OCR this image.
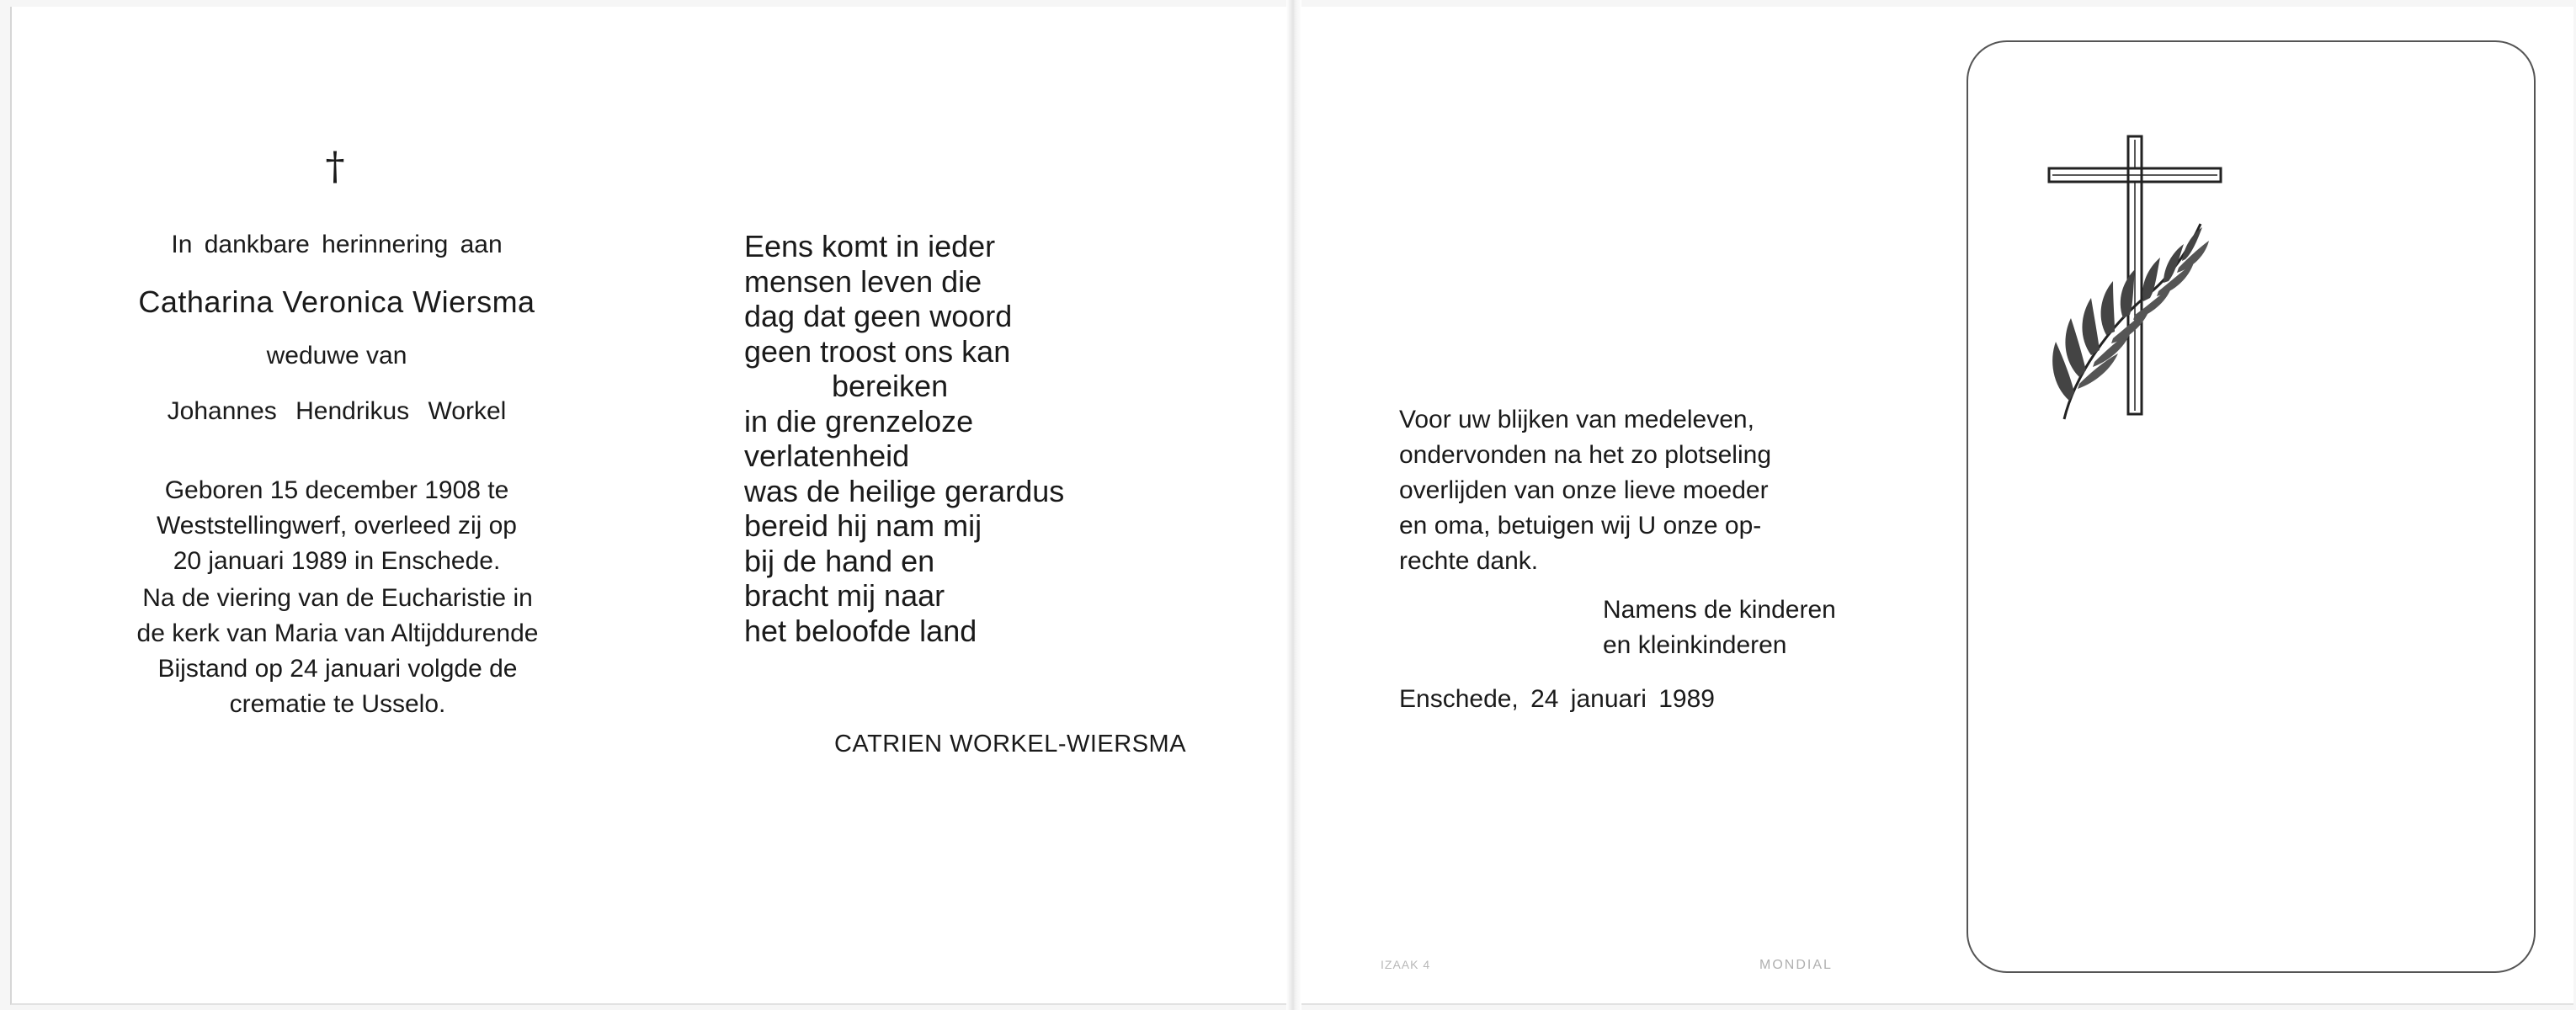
†
In dankbare herinnering aan
Catharina Veronica Wiersma
weduwe van
Johannes Hendrikus Workel
Geboren 15 december 1908 te
Weststellingwerf, overleed zij op
20 januari 1989 in Enschede.
Na de viering van de Eucharistie in
de kerk van Maria van Altijddurende
Bijstand op 24 januari volgde de
crematie te Usselo.
Eens komt in ieder
mensen leven die
dag dat geen woord
geen troost ons kan
bereiken
in die grenzeloze
verlatenheid
was de heilige gerardus
bereid hij nam mij
bij de hand en
bracht mij naar
het beloofde land
CATRIEN WORKEL-WIERSMA
Voor uw blijken van medeleven,
ondervonden na het zo plotseling
overlijden van onze lieve moeder
en oma, betuigen wij U onze op-
rechte dank.
Namens de kinderen
en kleinkinderen
Enschede, 24 januari 1989
IZAAK 4	MONDIAL
